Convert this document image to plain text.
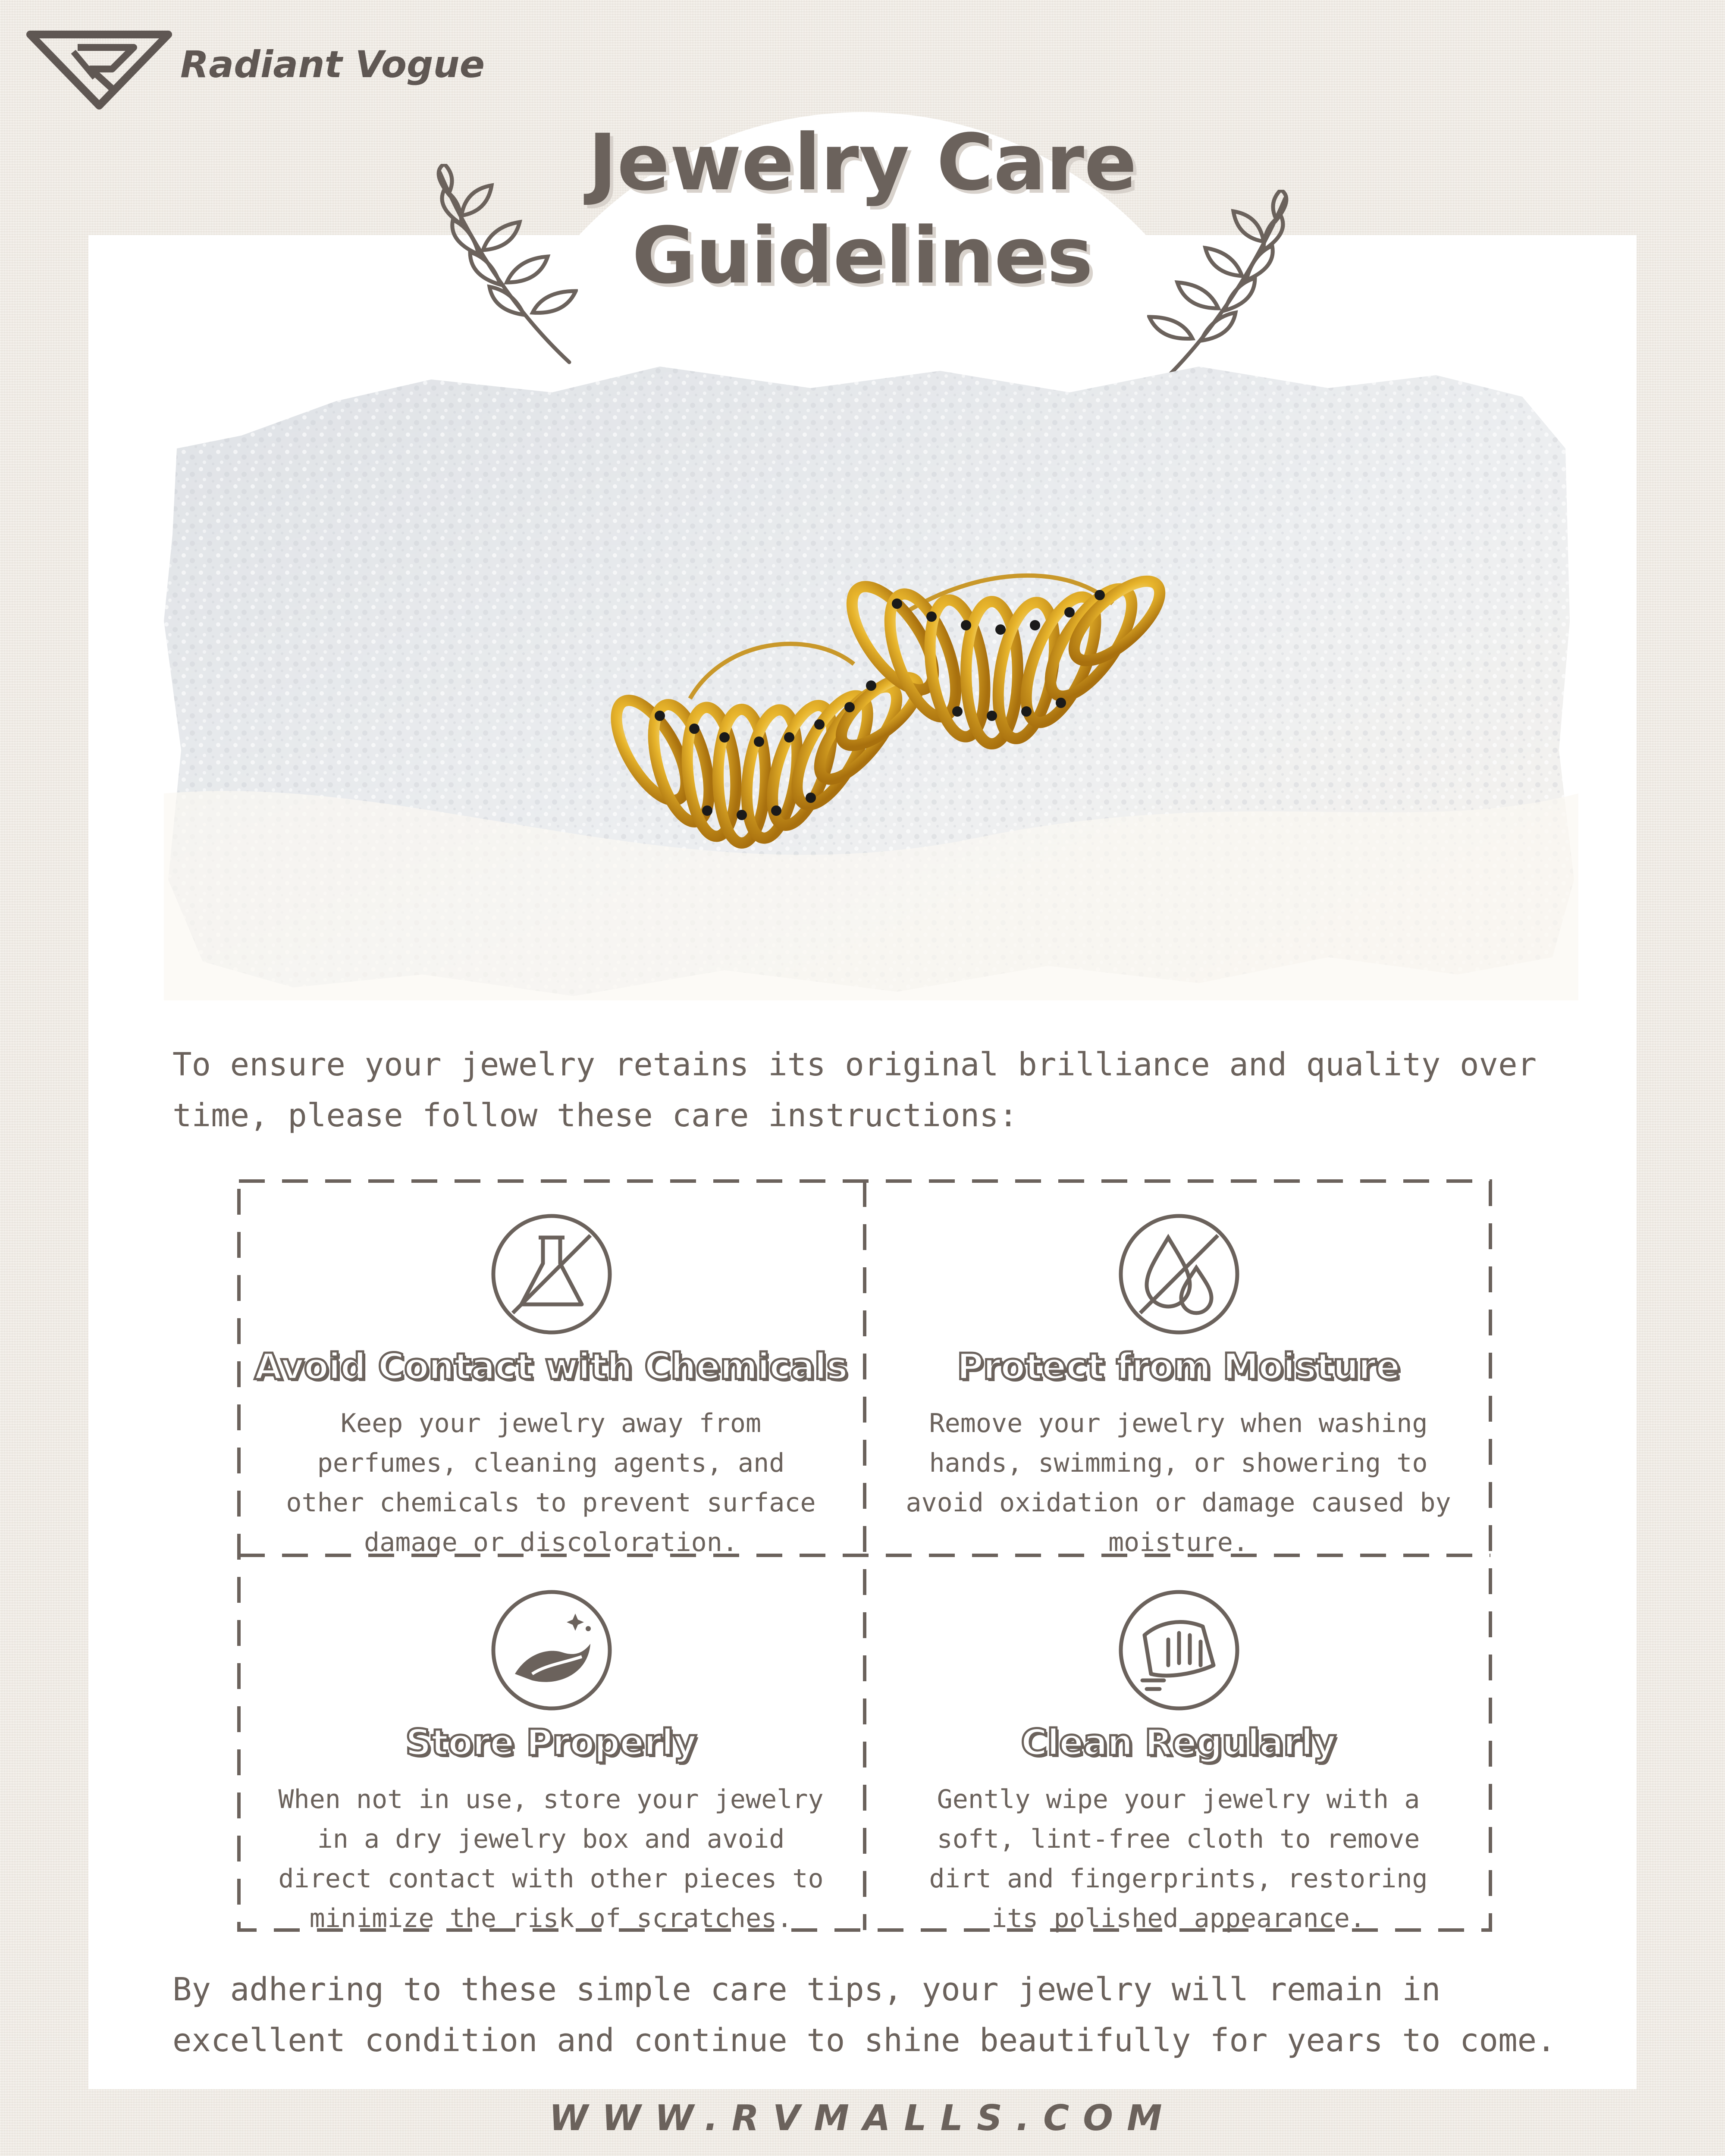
Radiant Vogue
Jewelry Care
Guidelines

To ensure your jewelry retains its original brilliance and quality over time, please follow these care instructions:

Avoid Contact with Chemicals

Keep your jewelry away from perfumes, cleaning agents, and other chemicals to prevent surface damage or discoloration.

Protect from Moisture

Remove your jewelry when washing hands, swimming, or showering to avoid oxidation or damage caused by moisture.

Store Properly

When not in use, store your jewelry in a dry jewelry box and avoid direct contact with other pieces to minimize the risk of scratches.

Clean Regularly

Gently wipe your jewelry with a soft, lint-free cloth to remove dirt and fingerprints, restoring its polished appearance.

By adhering to these simple care tips, your jewelry will remain in excellent condition and continue to shine beautifully for years to come.

WWW.RVMALLS.COM
